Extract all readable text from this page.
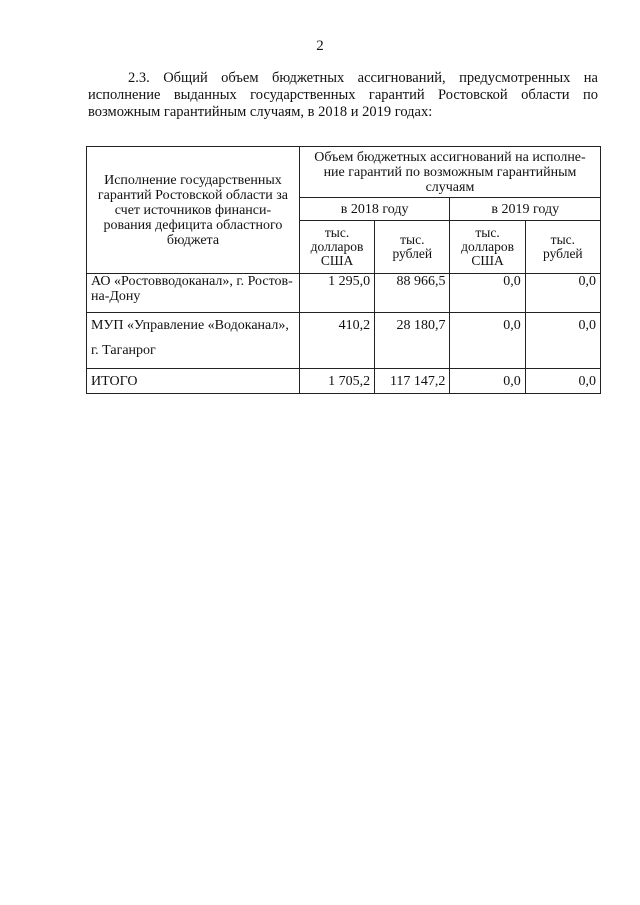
2

2.3. Общий объем бюджетных ассигнований, предусмотренных на исполнение выданных государственных гарантий Ростовской области по возможным гарантийным случаям, в 2018 и 2019 годах:

Исполнение государственных гарантий Ростовской области за счет источников финанси-рования дефицита областного бюджета	Объем бюджетных ассигнований на исполне-ние гарантий по возможным гарантийным случаям			
	в 2018 году		в 2019 году	
	тыс. долларов США	тыс. рублей	тыс. долларов США	тыс. рублей
АО «Ростовводоканал», г. Ростов-на-Дону	1 295,0	88 966,5	0,0	0,0
МУП «Управление «Водоканал», г. Таганрог	410,2	28 180,7	0,0	0,0
ИТОГО	1 705,2	117 147,2	0,0	0,0
